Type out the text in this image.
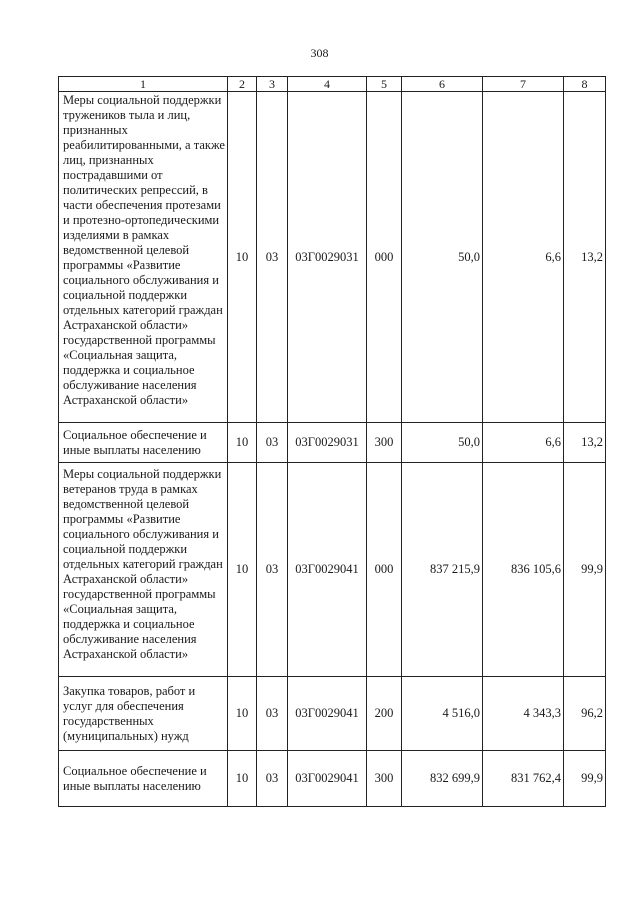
308
1	2	3	4	5	6	7	8
Меры социальной поддержки тружеников тыла и лиц, признанных реабилитированными, а также лиц, признанных пострадавшими от политических репрессий, в части обеспечения протезами и протезно-ортопедическими изделиями в рамках ведомственной целевой программы «Развитие социального обслуживания и социальной поддержки отдельных категорий граждан Астраханской области» государственной программы «Социальная защита, поддержка и социальное обслуживание населения Астраханской области»	10	03	03Г0029031	000	50,0	6,6	13,2
Социальное обеспечение и иные выплаты населению	10	03	03Г0029031	300	50,0	6,6	13,2
Меры социальной поддержки ветеранов труда в рамках ведомственной целевой программы «Развитие социального обслуживания и социальной поддержки отдельных категорий граждан Астраханской области» государственной программы «Социальная защита, поддержка и социальное обслуживание населения Астраханской области»	10	03	03Г0029041	000	837 215,9	836 105,6	99,9
Закупка товаров, работ и услуг для обеспечения государственных (муниципальных) нужд	10	03	03Г0029041	200	4 516,0	4 343,3	96,2
Социальное обеспечение и иные выплаты населению	10	03	03Г0029041	300	832 699,9	831 762,4	99,9
